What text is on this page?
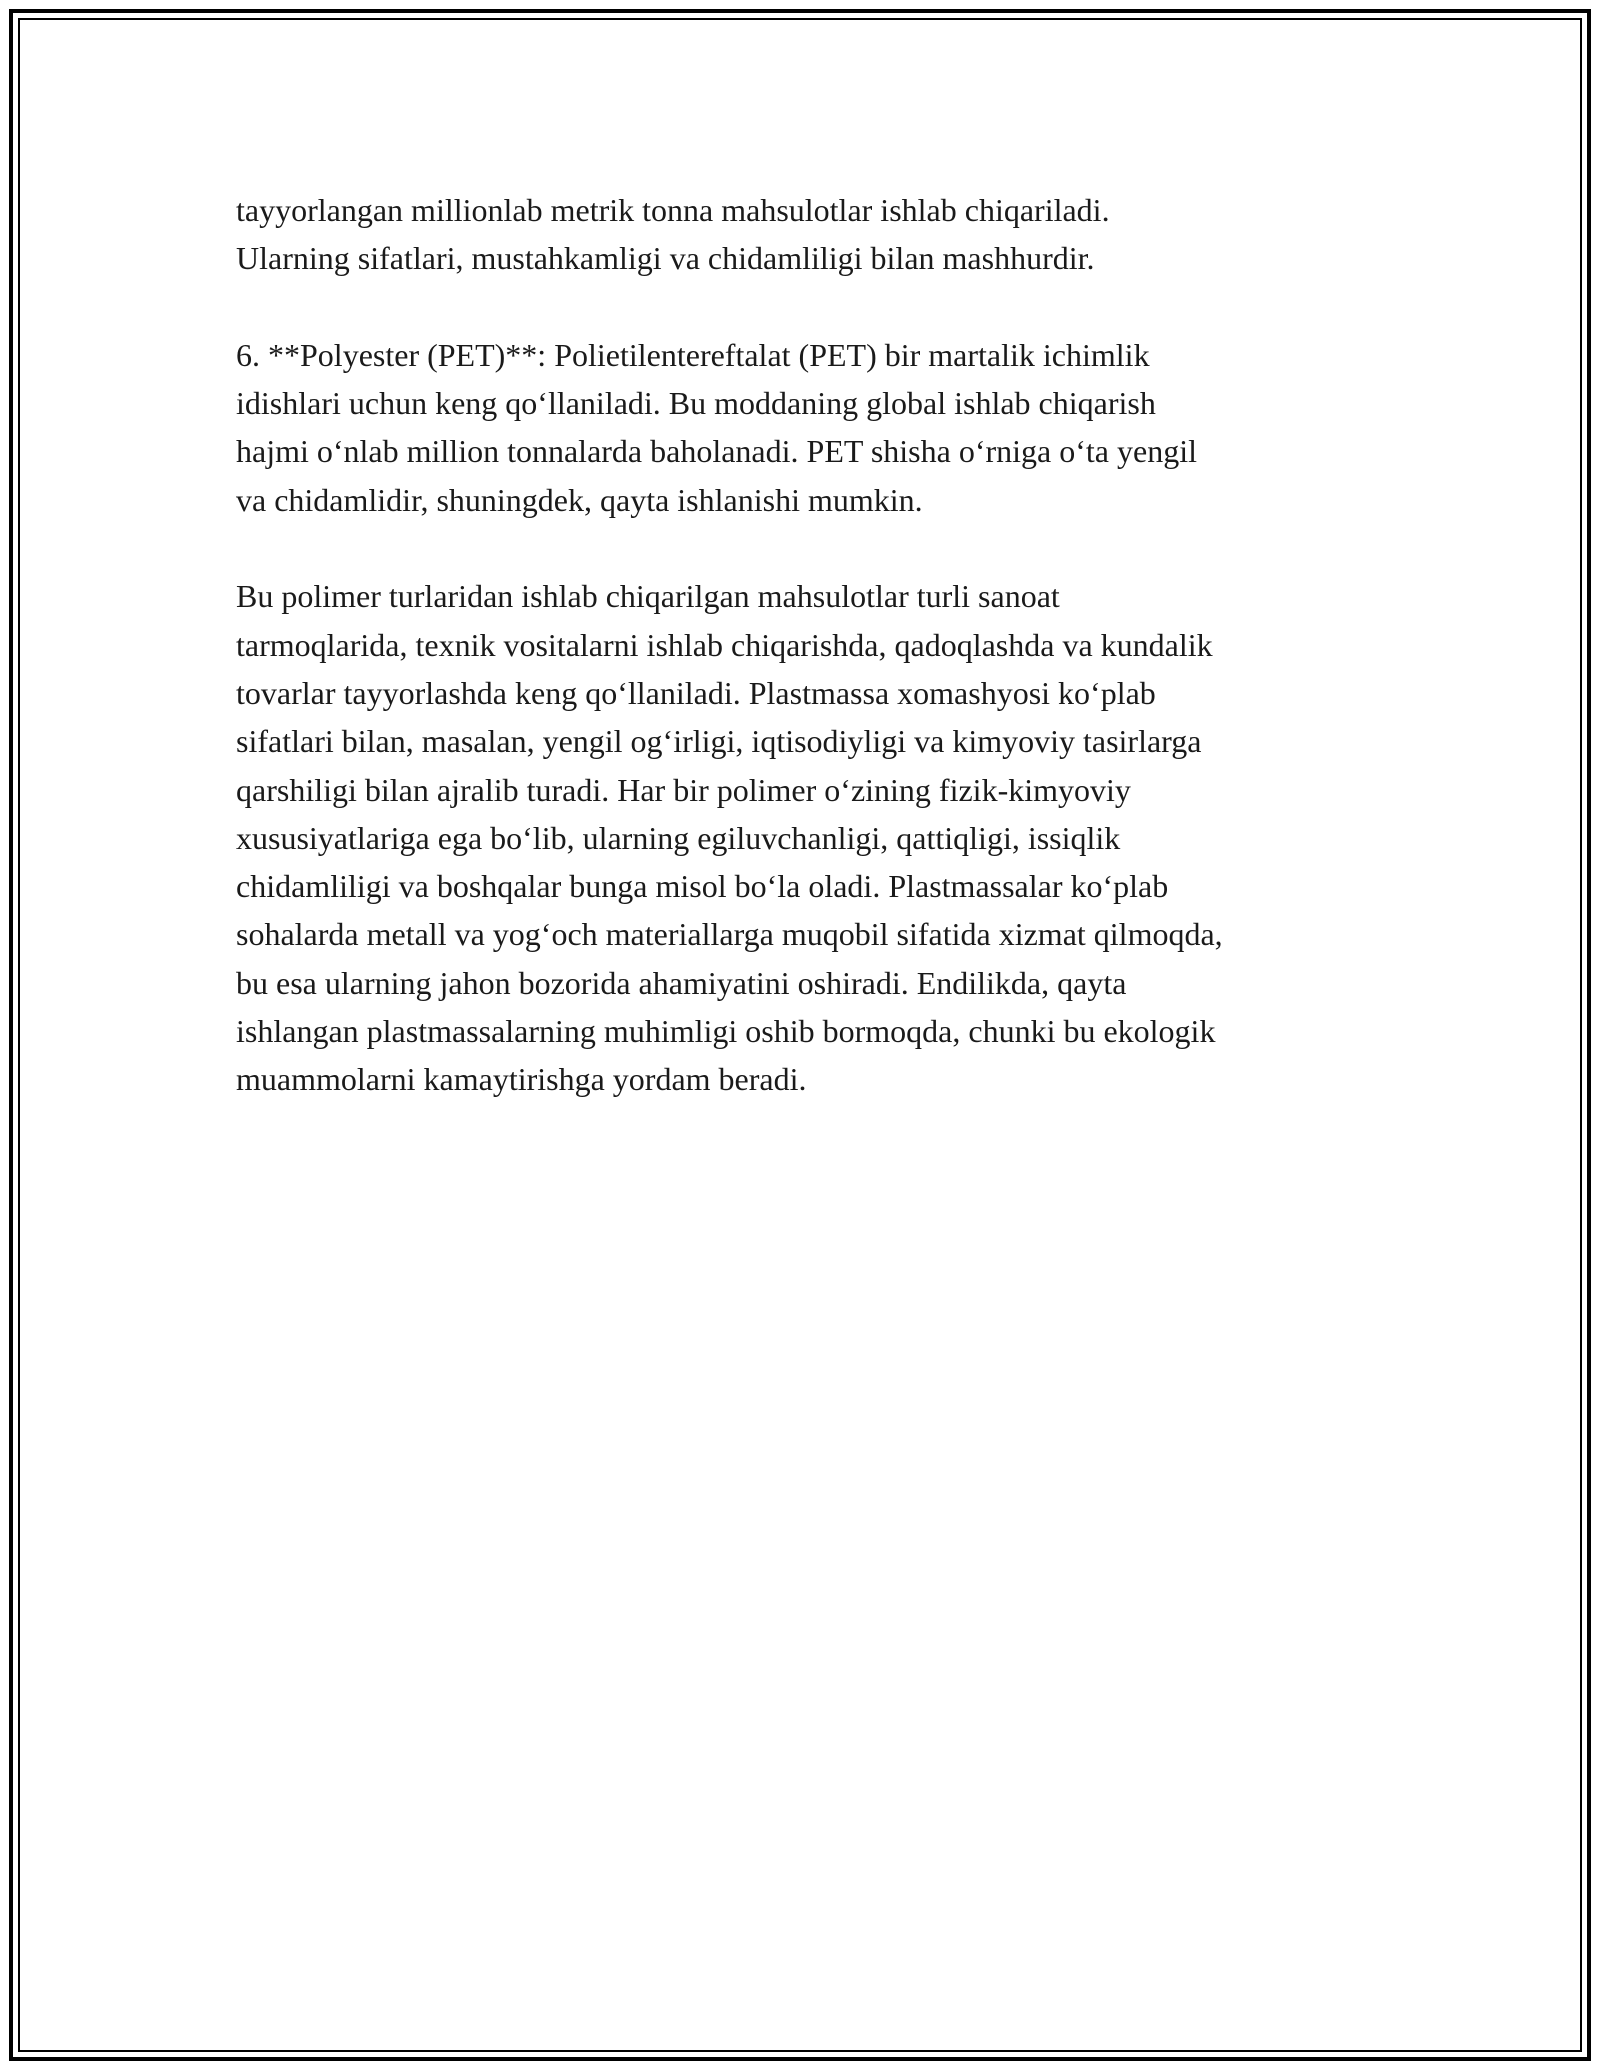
tayyorlangan millionlab metrik tonna mahsulotlar ishlab chiqariladi.
Ularning sifatlari, mustahkamligi va chidamliligi bilan mashhurdir.

6. **Polyester (PET)**: Polietilentereftalat (PET) bir martalik ichimlik
idishlari uchun keng qo‘llaniladi. Bu moddaning global ishlab chiqarish
hajmi o‘nlab million tonnalarda baholanadi. PET shisha o‘rniga o‘ta yengil
va chidamlidir, shuningdek, qayta ishlanishi mumkin.

Bu polimer turlaridan ishlab chiqarilgan mahsulotlar turli sanoat
tarmoqlarida, texnik vositalarni ishlab chiqarishda, qadoqlashda va kundalik
tovarlar tayyorlashda keng qo‘llaniladi. Plastmassa xomashyosi ko‘plab
sifatlari bilan, masalan, yengil og‘irligi, iqtisodiyligi va kimyoviy tasirlarga
qarshiligi bilan ajralib turadi. Har bir polimer o‘zining fizik-kimyoviy
xususiyatlariga ega bo‘lib, ularning egiluvchanligi, qattiqligi, issiqlik
chidamliligi va boshqalar bunga misol bo‘la oladi. Plastmassalar ko‘plab
sohalarda metall va yog‘och materiallarga muqobil sifatida xizmat qilmoqda,
bu esa ularning jahon bozorida ahamiyatini oshiradi. Endilikda, qayta
ishlangan plastmassalarning muhimligi oshib bormoqda, chunki bu ekologik
muammolarni kamaytirishga yordam beradi.
